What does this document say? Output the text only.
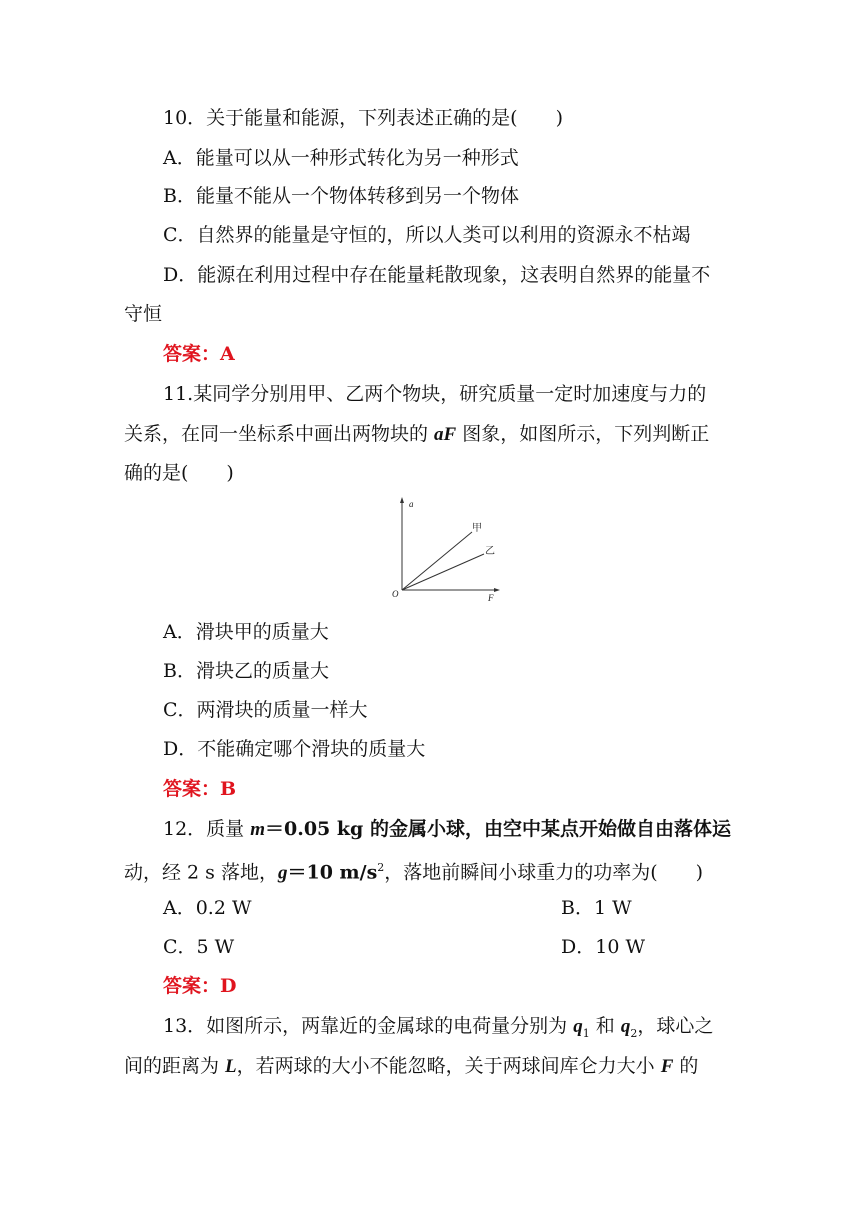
10．关于能量和能源，下列表述正确的是(　　)
A．能量可以从一种形式转化为另一种形式
B．能量不能从一个物体转移到另一个物体
C．自然界的能量是守恒的，所以人类可以利用的资源永不枯竭
D．能源在利用过程中存在能量耗散现象，这表明自然界的能量不
守恒
答案：A
11.某同学分别用甲、乙两个物块，研究质量一定时加速度与力的
关系，在同一坐标系中画出两物块的 aF 图象，如图所示，下列判断正
确的是(　　)
a
F
O
甲
乙
A．滑块甲的质量大
B．滑块乙的质量大
C．两滑块的质量一样大
D．不能确定哪个滑块的质量大
答案：B
12．质量 m＝0.05 kg 的金属小球，由空中某点开始做自由落体运
动，经 2 s 落地，g＝10 $m/s^2$，落地前瞬间小球重力的功率为(　　)
A．0.2 W	B．1 W
C．5 W	D．10 W
答案：D
13．如图所示，两靠近的金属球的电荷量分别为 $q_1$ 和 $q_2$，球心之
间的距离为 L，若两球的大小不能忽略，关于两球间库仑力大小 F 的
